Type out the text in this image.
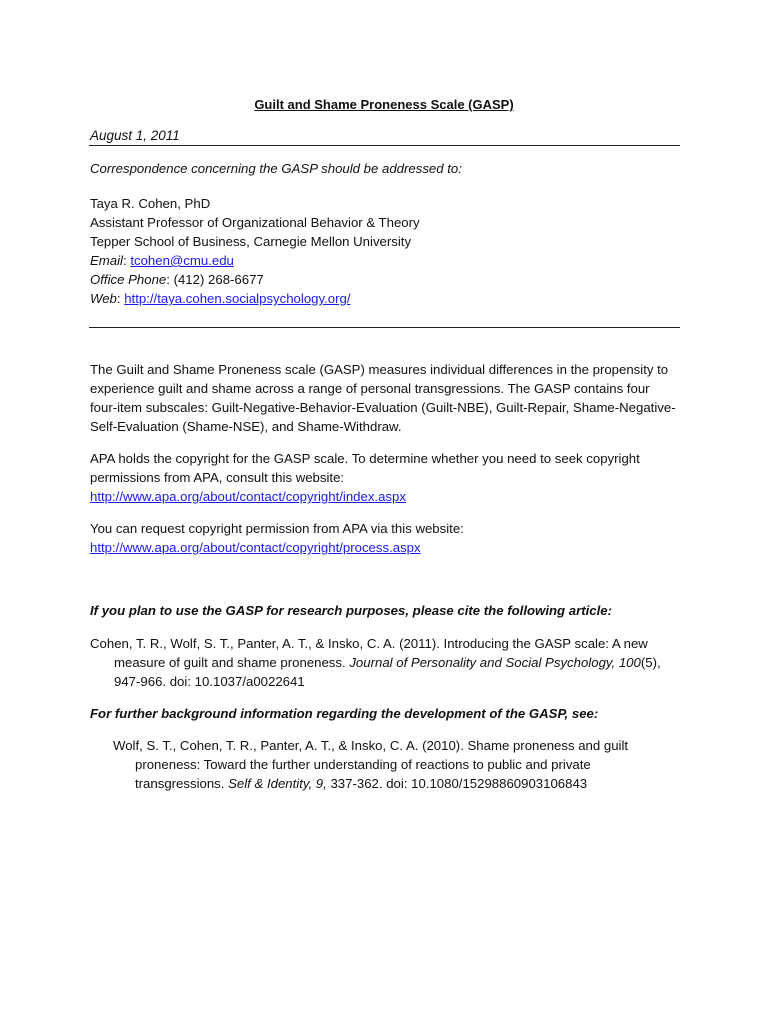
Guilt and Shame Proneness Scale (GASP)
August 1, 2011
Correspondence concerning the GASP should be addressed to:
Taya R. Cohen, PhD
Assistant Professor of Organizational Behavior & Theory
Tepper School of Business, Carnegie Mellon University
Email: tcohen@cmu.edu
Office Phone: (412) 268-6677
Web: http://taya.cohen.socialpsychology.org/
The Guilt and Shame Proneness scale (GASP) measures individual differences in the propensity to experience guilt and shame across a range of personal transgressions. The GASP contains four four-item subscales: Guilt-Negative-Behavior-Evaluation (Guilt-NBE), Guilt-Repair, Shame-Negative-Self-Evaluation (Shame-NSE), and Shame-Withdraw.
APA holds the copyright for the GASP scale. To determine whether you need to seek copyright
permissions from APA, consult this website:
http://www.apa.org/about/contact/copyright/index.aspx
You can request copyright permission from APA via this website:
http://www.apa.org/about/contact/copyright/process.aspx
If you plan to use the GASP for research purposes, please cite the following article:
Cohen, T. R., Wolf, S. T., Panter, A. T., & Insko, C. A. (2011). Introducing the GASP scale: A new measure of guilt and shame proneness. Journal of Personality and Social Psychology, 100(5), 947-966. doi: 10.1037/a0022641
For further background information regarding the development of the GASP, see:
Wolf, S. T., Cohen, T. R., Panter, A. T., & Insko, C. A. (2010). Shame proneness and guilt proneness: Toward the further understanding of reactions to public and private transgressions. Self & Identity, 9, 337-362. doi: 10.1080/15298860903106843
